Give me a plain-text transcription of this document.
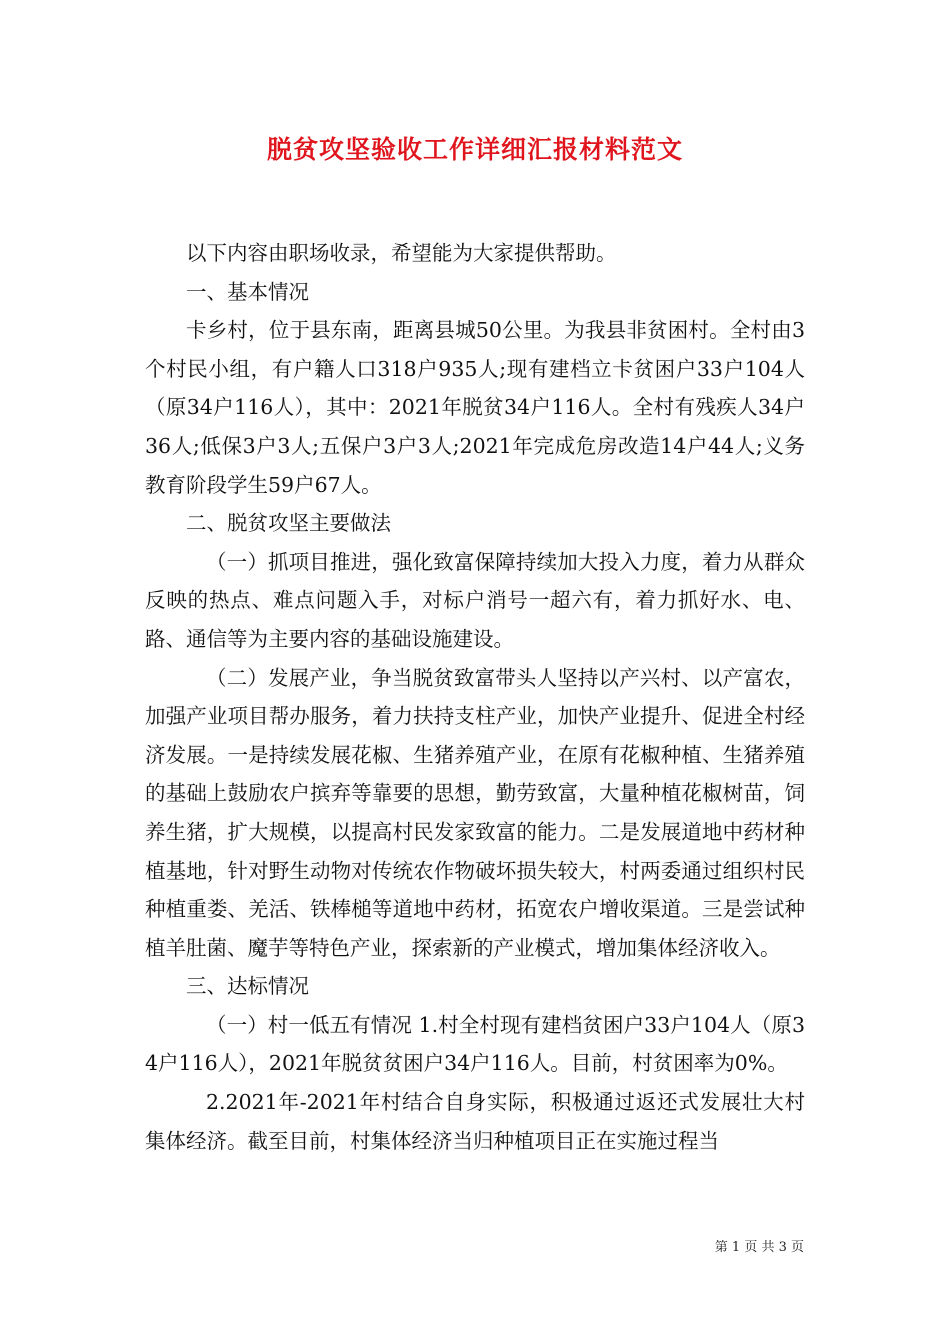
脱贫攻坚验收工作详细汇报材料范文

以下内容由职场收录，希望能为大家提供帮助。

一、基本情况

卡乡村，位于县东南，距离县城50公里。为我县非贫困村。全村由3个村民小组，有户籍人口318户935人;现有建档立卡贫困户33户104人（原34户116人），其中：2021年脱贫34户116人。全村有残疾人34户36人;低保3户3人;五保户3户3人;2021年完成危房改造14户44人;义务教育阶段学生59户67人。

二、脱贫攻坚主要做法

（一）抓项目推进，强化致富保障持续加大投入力度，着力从群众反映的热点、难点问题入手，对标户消号一超六有，着力抓好水、电、路、通信等为主要内容的基础设施建设。

（二）发展产业，争当脱贫致富带头人坚持以产兴村、以产富农，加强产业项目帮办服务，着力扶持支柱产业，加快产业提升、促进全村经济发展。一是持续发展花椒、生猪养殖产业，在原有花椒种植、生猪养殖的基础上鼓励农户摈弃等靠要的思想，勤劳致富，大量种植花椒树苗，饲养生猪，扩大规模，以提高村民发家致富的能力。二是发展道地中药材种植基地，针对野生动物对传统农作物破坏损失较大，村两委通过组织村民种植重娄、羌活、铁棒槌等道地中药材，拓宽农户增收渠道。三是尝试种植羊肚菌、魔芋等特色产业，探索新的产业模式，增加集体经济收入。

三、达标情况

（一）村一低五有情况 1.村全村现有建档贫困户33户104人（原34户116人），2021年脱贫贫困户34户116人。目前，村贫困率为0%。

2.2021年-2021年村结合自身实际，积极通过返还式发展壮大村集体经济。截至目前，村集体经济当归种植项目正在实施过程当

第 1 页 共 3 页
